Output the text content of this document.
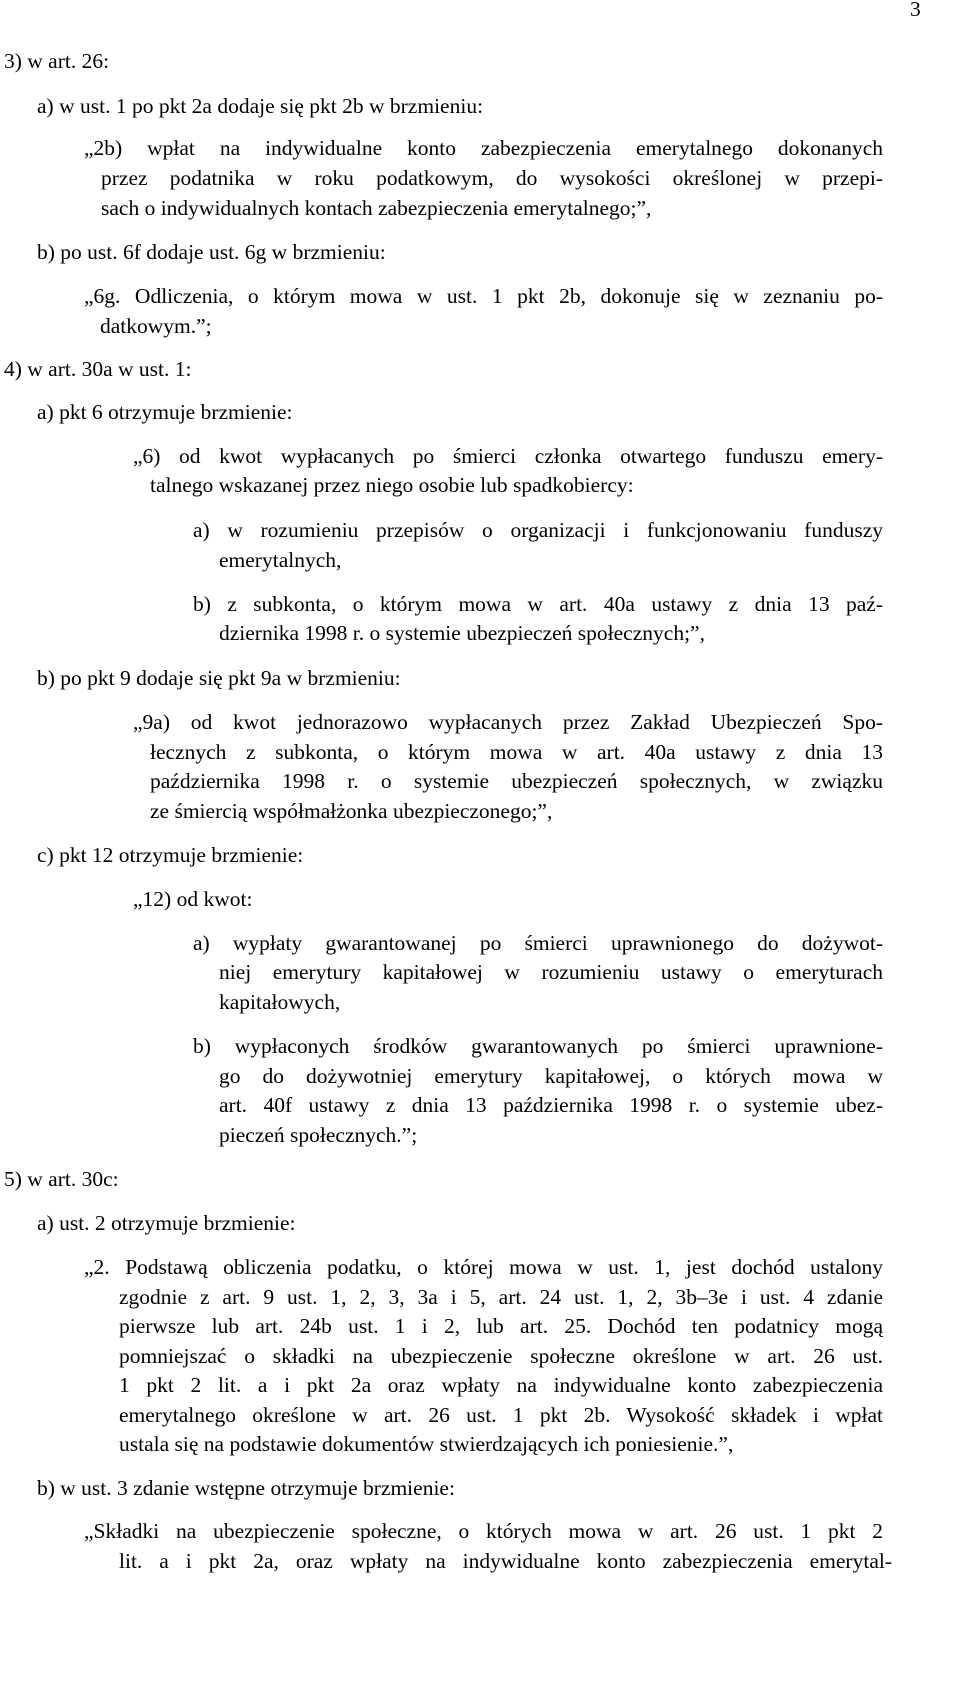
3

3) w art. 26:

a) w ust. 1 po pkt 2a dodaje się pkt 2b w brzmieniu:

„2b) wpłat na indywidualne konto zabezpieczenia emerytalnego dokonanych

przez podatnika w roku podatkowym, do wysokości określonej w przepi-

sach o indywidualnych kontach zabezpieczenia emerytalnego;”,

b) po ust. 6f dodaje ust. 6g w brzmieniu:

„6g. Odliczenia, o którym mowa w ust. 1 pkt 2b, dokonuje się w zeznaniu po-

datkowym.”;

4) w art. 30a w ust. 1:

a) pkt 6 otrzymuje brzmienie:

„6) od kwot wypłacanych po śmierci członka otwartego funduszu emery-

talnego wskazanej przez niego osobie lub spadkobiercy:

a) w rozumieniu przepisów o organizacji i funkcjonowaniu funduszy

emerytalnych,

b) z subkonta, o którym mowa w art. 40a ustawy z dnia 13 paź-

dziernika 1998 r. o systemie ubezpieczeń społecznych;”,

b) po pkt 9 dodaje się pkt 9a w brzmieniu:

„9a) od kwot jednorazowo wypłacanych przez Zakład Ubezpieczeń Spo-

łecznych z subkonta, o którym mowa w art. 40a ustawy z dnia 13

października 1998 r. o systemie ubezpieczeń społecznych, w związku

ze śmiercią współmałżonka ubezpieczonego;”,

c) pkt 12 otrzymuje brzmienie:

„12) od kwot:

a) wypłaty gwarantowanej po śmierci uprawnionego do dożywot-

niej emerytury kapitałowej w rozumieniu ustawy o emeryturach

kapitałowych,

b) wypłaconych środków gwarantowanych po śmierci uprawnione-

go do dożywotniej emerytury kapitałowej, o których mowa w

art. 40f ustawy z dnia 13 października 1998 r. o systemie ubez-

pieczeń społecznych.”;

5) w art. 30c:

a) ust. 2 otrzymuje brzmienie:

„2. Podstawą obliczenia podatku, o której mowa w ust. 1, jest dochód ustalony

zgodnie z art. 9 ust. 1, 2, 3, 3a i 5, art. 24 ust. 1, 2, 3b–3e i ust. 4 zdanie

pierwsze lub art. 24b ust. 1 i 2, lub art. 25. Dochód ten podatnicy mogą

pomniejszać o składki na ubezpieczenie społeczne określone w art. 26 ust.

1 pkt 2 lit. a i pkt 2a oraz wpłaty na indywidualne konto zabezpieczenia

emerytalnego określone w art. 26 ust. 1 pkt 2b. Wysokość składek i wpłat

ustala się na podstawie dokumentów stwierdzających ich poniesienie.”,

b) w ust. 3 zdanie wstępne otrzymuje brzmienie:

„Składki na ubezpieczenie społeczne, o których mowa w art. 26 ust. 1 pkt 2

lit. a i pkt 2a, oraz wpłaty na indywidualne konto zabezpieczenia emerytal-
